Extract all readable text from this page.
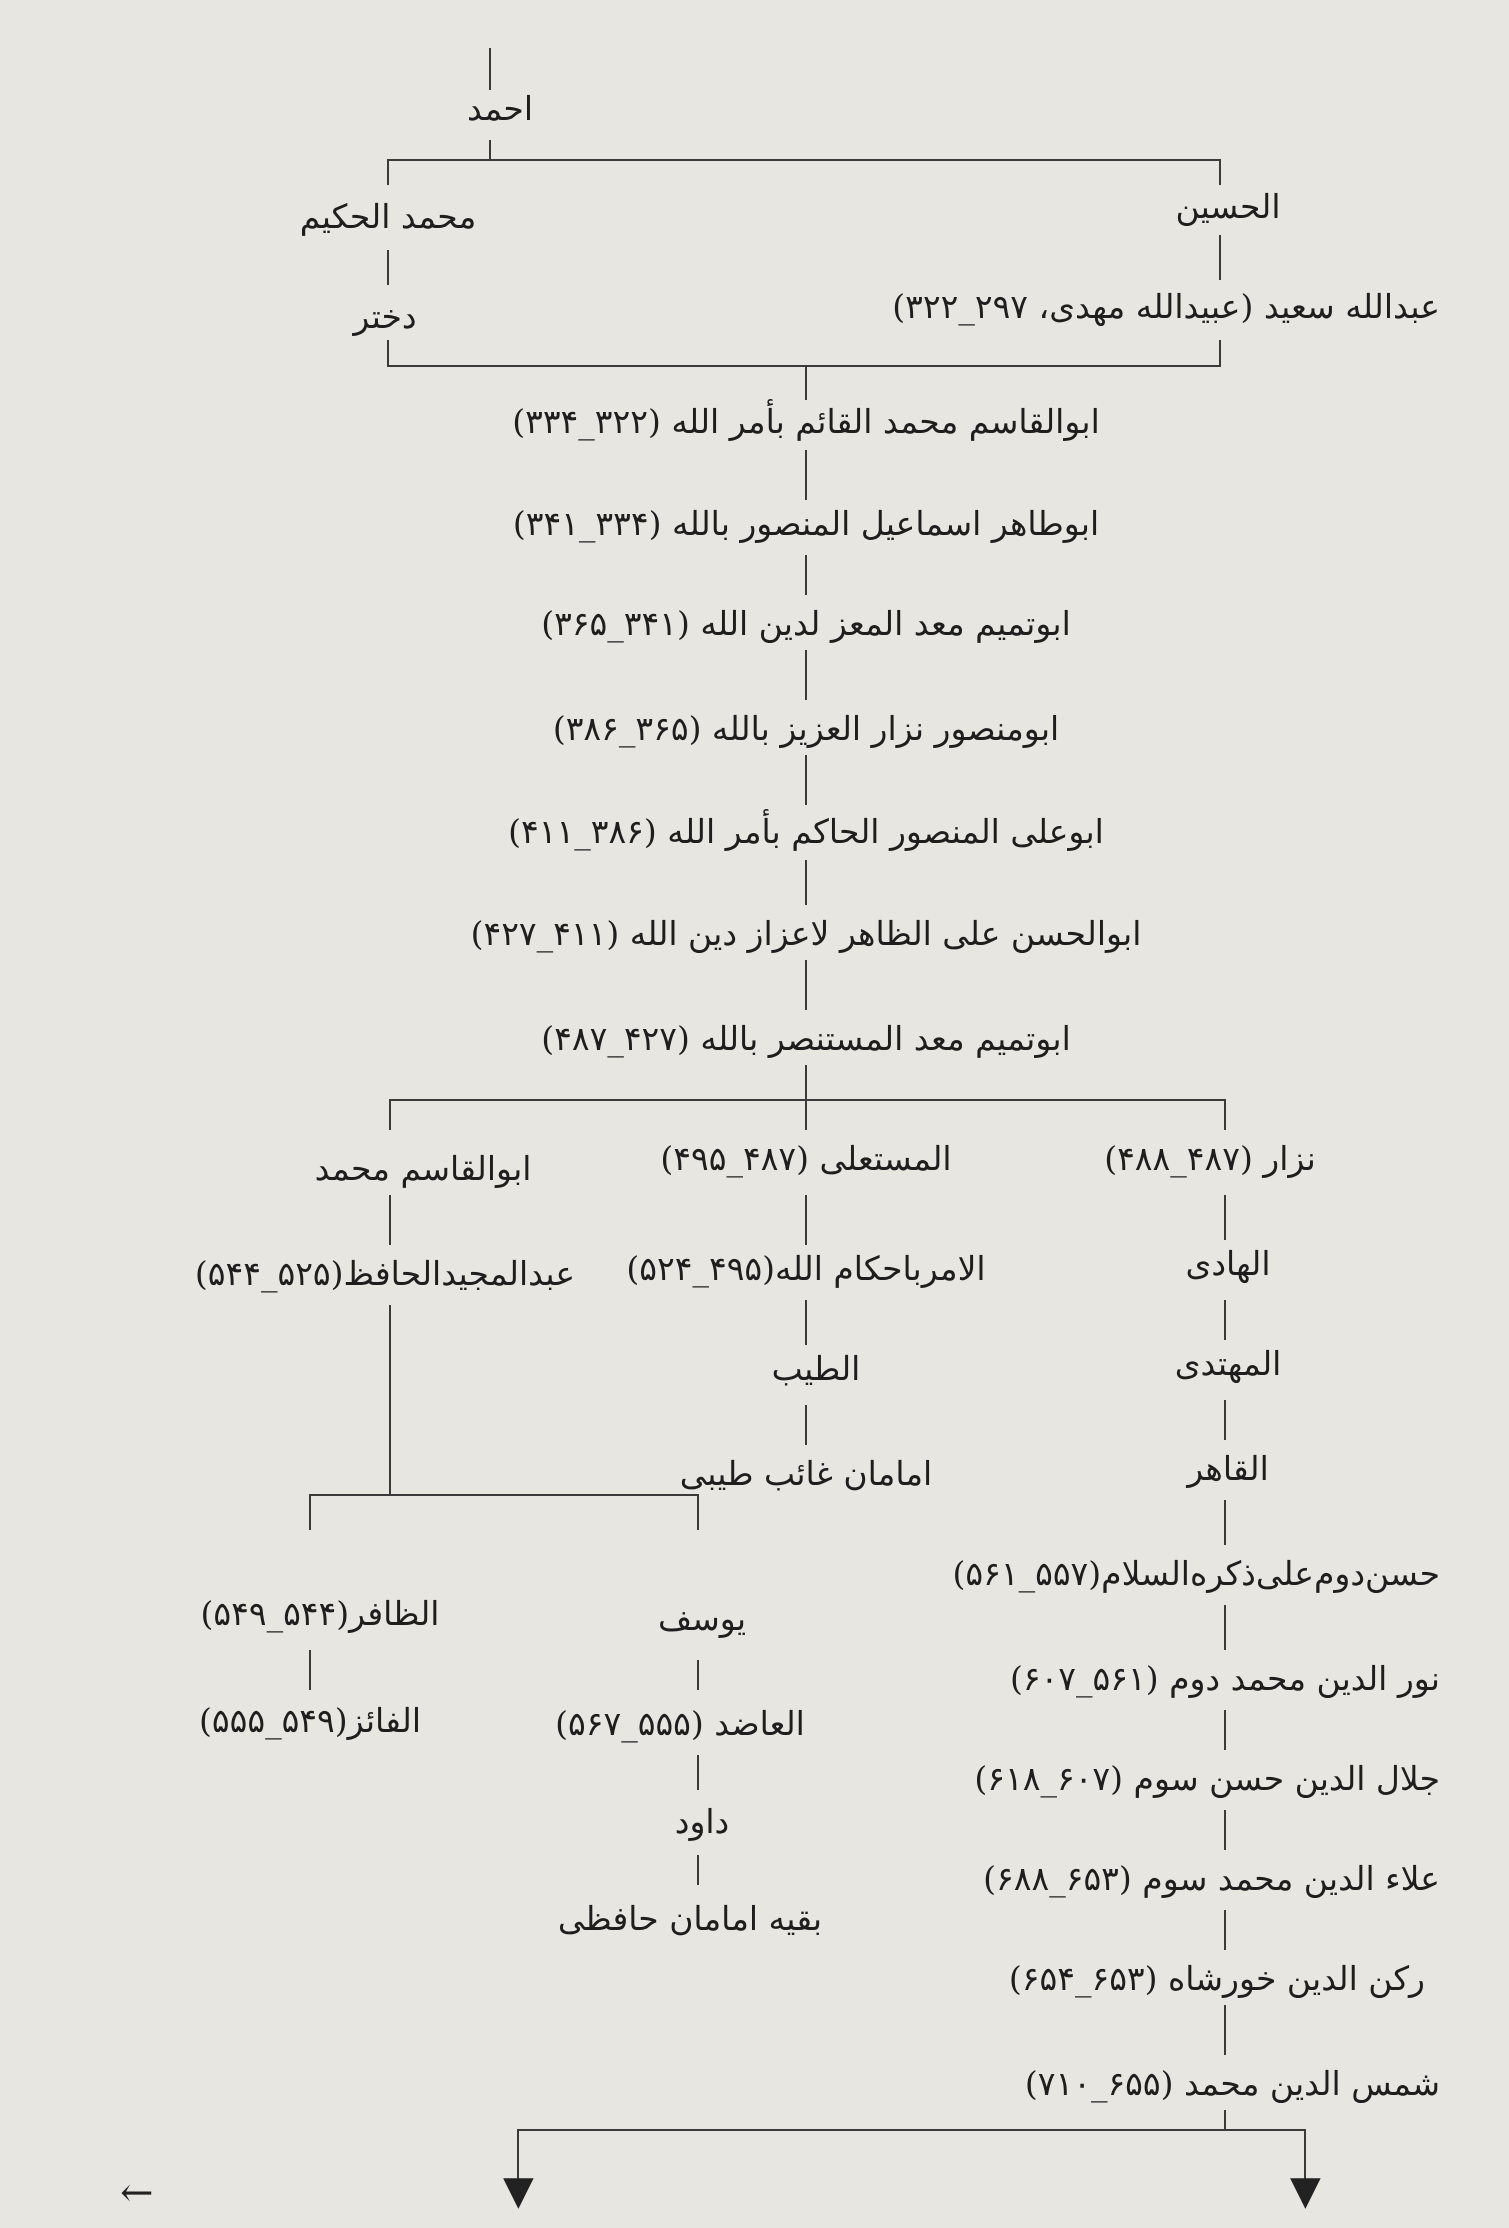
احمد
الحسين
محمد الحکیم
عبدالله سعید (عبیدالله مهدی، ۲۹۷_۳۲۲)
دختر
ابوالقاسم محمد القائم بأمر الله (۳۲۲_۳۳۴)
ابوطاهر اسماعیل المنصور بالله (۳۳۴_۳۴۱)
ابوتمیم معد المعز لدین الله (۳۴۱_۳۶۵)
ابومنصور نزار العزیز بالله (۳۶۵_۳۸۶)
ابوعلی المنصور الحاکم بأمر الله (۳۸۶_۴۱۱)
ابوالحسن علی الظاهر لاعزاز دین الله (۴۱۱_۴۲۷)
ابوتمیم معد المستنصر بالله (۴۲۷_۴۸۷)
نزار (۴۸۷_۴۸۸)
المستعلی (۴۸۷_۴۹۵)
ابوالقاسم محمد
الهادی
الامرباحکام الله(۴۹۵_۵۲۴)
عبدالمجیدالحافظ(۵۲۵_۵۴۴)
المهتدی
الطیب
القاهر
امامان غائب طیبی
حسن‌دوم‌علی‌ذکره‌السلام(۵۵۷_۵۶۱)
الظافر(۵۴۴_۵۴۹)	یوسف
نور الدین محمد دوم (۵۶۱_۶۰۷)
الفائز(۵۴۹_۵۵۵)	العاضد (۵۵۵_۵۶۷)
جلال الدین حسن سوم (۶۰۷_۶۱۸)
داود
علاء الدین محمد سوم (۶۵۳_۶۸۸)
بقیه امامان حافظی
رکن الدین خورشاه (۶۵۳_۶۵۴)
شمس الدین محمد (۶۵۵_۷۱۰)
▼	▼
←
